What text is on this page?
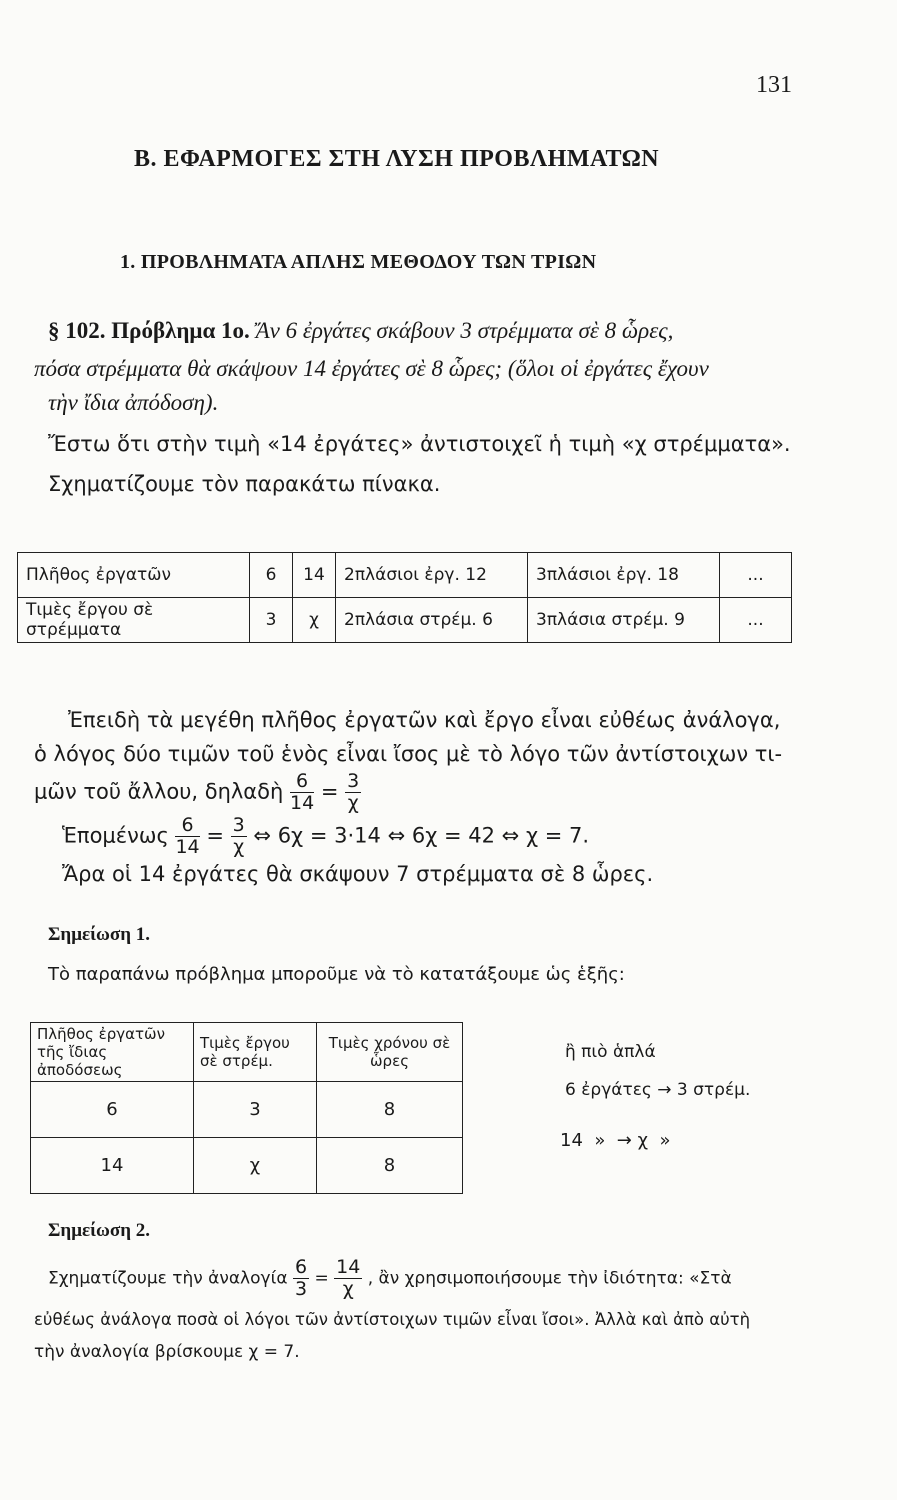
131
B. ΕΦΑΡΜΟΓΕΣ ΣΤΗ ΛΥΣΗ ΠΡΟΒΛΗΜΑΤΩΝ
1. ΠΡΟΒΛΗΜΑΤΑ ΑΠΛΗΣ ΜΕΘΟΔΟΥ ΤΩΝ ΤΡΙΩΝ
§ 102. Πρόβλημα 1ο. Ἄν 6 ἐργάτες σκάβουν 3 στρέμματα σὲ 8 ὧρες,
πόσα στρέμματα θὰ σκάψουν 14 ἐργάτες σὲ 8 ὧρες; (ὅλοι οἱ ἐργάτες ἔχουν
τὴν ἴδια ἀπόδοση).
Ἔστω ὅτι στὴν τιμὴ «14 ἐργάτες» ἀντιστοιχεῖ ἡ τιμὴ «χ στρέμματα».
Σχηματίζουμε τὸν παρακάτω πίνακα.
Πλῆθος ἐργατῶν	6	14	2πλάσιοι ἐργ. 12	3πλάσιοι ἐργ. 18	...
Τιμὲς ἔργου σὲ στρέμματα	3	χ	2πλάσια στρέμ. 6	3πλάσια στρέμ. 9	...
Ἐπειδὴ τὰ μεγέθη πλῆθος ἐργατῶν καὶ ἔργο εἶναι εὐθέως ἀνάλογα,
ὁ λόγος δύο τιμῶν τοῦ ἑνὸς εἶναι ἴσος μὲ τὸ λόγο τῶν ἀντίστοιχων τι-
μῶν τοῦ ἄλλου, δηλαδὴ $\frac{6}{14} = \frac{3}{\chi}$
Ἑπομένως $\frac{6}{14} = \frac{3}{\chi}$ ⇔ 6χ = 3·14 ⇔ 6χ = 42 ⇔ χ = 7.
Ἄρα οἱ 14 ἐργάτες θὰ σκάψουν 7 στρέμματα σὲ 8 ὧρες.
Σημείωση 1.
Τὸ παραπάνω πρόβλημα μποροῦμε νὰ τὸ κατατάξουμε ὡς ἑξῆς:
Πλῆθος ἐργατῶν τῆς ἴδιας ἀποδόσεως	Τιμὲς ἔργου σὲ στρέμ.	Τιμὲς χρόνου σὲ ὧρες
6	3	8
14	χ	8
ἢ πιὸ ἁπλά
6 ἐργάτες → 3 στρέμ.
14  »  → χ  »
Σημείωση 2.
Σχηματίζουμε τὴν ἀναλογία $\frac{6}{3} = \frac{14}{\chi}$ , ἂν χρησιμοποιήσουμε τὴν ἰδιότητα: «Στὰ
εὐθέως ἀνάλογα ποσὰ οἱ λόγοι τῶν ἀντίστοιχων τιμῶν εἶναι ἴσοι». Ἀλλὰ καὶ ἀπὸ αὐτὴ
τὴν ἀναλογία βρίσκουμε χ = 7.
